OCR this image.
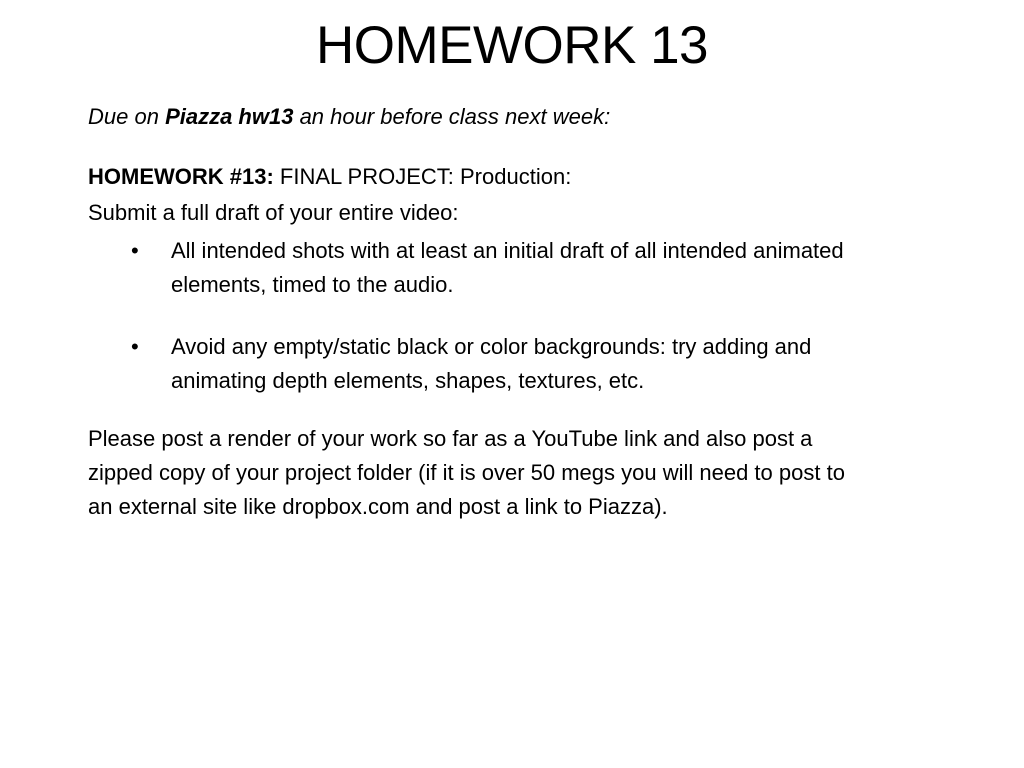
HOMEWORK 13

Due on Piazza hw13 an hour before class next week:

HOMEWORK #13: FINAL PROJECT: Production:

Submit a full draft of your entire video:

• All intended shots with at least an initial draft of all intended animated elements, timed to the audio.
• Avoid any empty/static black or color backgrounds: try adding and animating depth elements, shapes, textures, etc.

Please post a render of your work so far as a YouTube link and also post a zipped copy of your project folder (if it is over 50 megs you will need to post to an external site like dropbox.com and post a link to Piazza).
